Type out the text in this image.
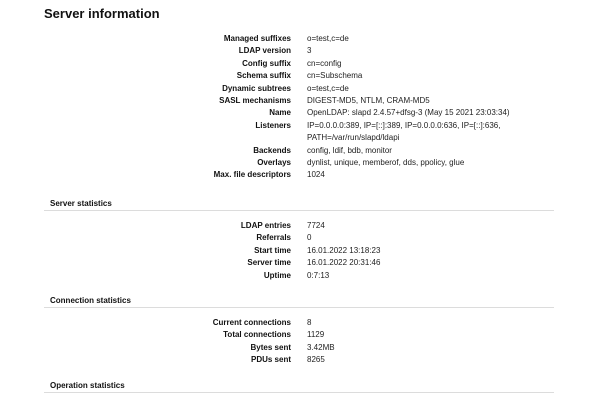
Server information
Managed suffixes o=test,c=de
LDAP version 3
Config suffix cn=config
Schema suffix cn=Subschema
Dynamic subtrees o=test,c=de
SASL mechanisms DIGEST-MD5, NTLM, CRAM-MD5
Name OpenLDAP: slapd 2.4.57+dfsg-3 (May 15 2021 23:03:34)
Listeners IP=0.0.0.0:389, IP=[::]:389, IP=0.0.0.0:636, IP=[::]:636, PATH=/var/run/slapd/ldapi
Backends config, ldif, bdb, monitor
Overlays dynlist, unique, memberof, dds, ppolicy, glue
Max. file descriptors 1024
Server statistics
LDAP entries 7724
Referrals 0
Start time 16.01.2022 13:18:23
Server time 16.01.2022 20:31:46
Uptime 0:7:13
Connection statistics
Current connections 8
Total connections 1129
Bytes sent 3.42MB
PDUs sent 8265
Operation statistics
